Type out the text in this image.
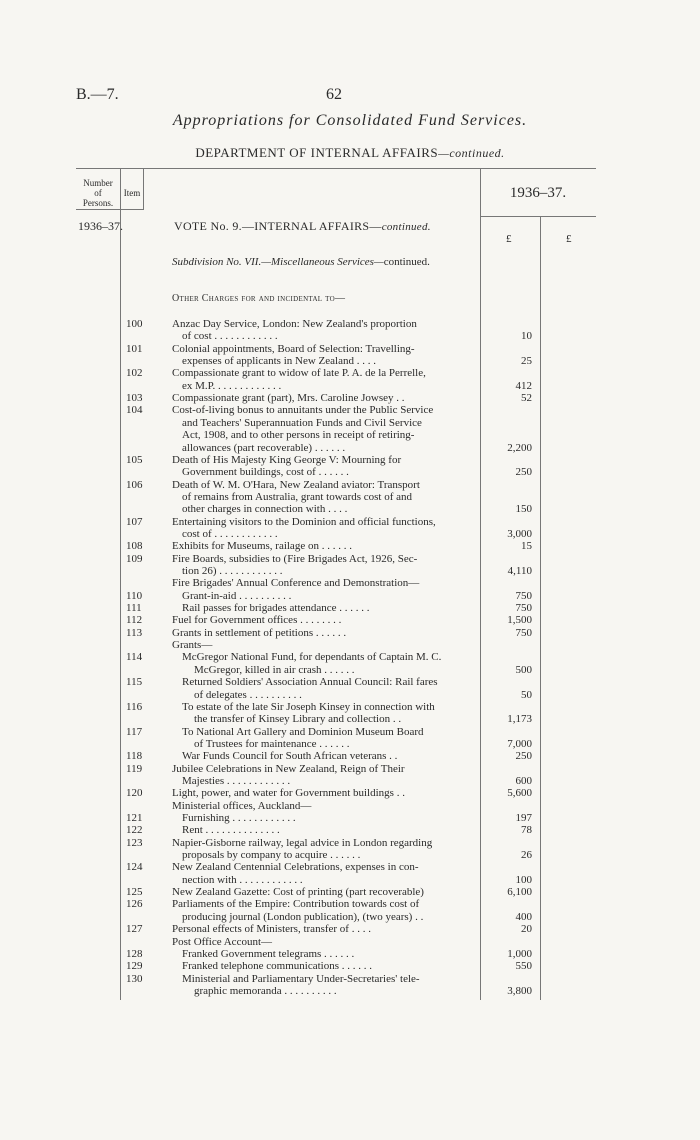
B.—7.	62
Appropriations for Consolidated Fund Services.
DEPARTMENT OF INTERNAL AFFAIRS—continued.
Number
of
Persons.
Item	1936–37.
1936–37.
£	£
VOTE No. 9.—INTERNAL AFFAIRS—continued.
Subdivision No. VII.—Miscellaneous Services—continued.
Other Charges for and incidental to—
100	Anzac Day Service, London: New Zealand's proportion
of cost . . . . . . . . . . . .	10
101	Colonial appointments, Board of Selection: Travelling-
expenses of applicants in New Zealand . . . .	25
102	Compassionate grant to widow of late P. A. de la Perrelle,
ex M.P. . . . . . . . . . . . .	412
103	Compassionate grant (part), Mrs. Caroline Jowsey . .	52
104	Cost-of-living bonus to annuitants under the Public Service
and Teachers' Superannuation Funds and Civil Service
Act, 1908, and to other persons in receipt of retiring-
allowances (part recoverable) . . . . . .	2,200
105	Death of His Majesty King George V: Mourning for
Government buildings, cost of . . . . . .	250
106	Death of W. M. O'Hara, New Zealand aviator: Transport
of remains from Australia, grant towards cost of and
other charges in connection with . . . .	150
107	Entertaining visitors to the Dominion and official functions,
cost of . . . . . . . . . . . .	3,000
108	Exhibits for Museums, railage on . . . . . .	15
109	Fire Boards, subsidies to (Fire Brigades Act, 1926, Sec-
tion 26) . . . . . . . . . . . .	4,110
Fire Brigades' Annual Conference and Demonstration—
110	Grant-in-aid . . . . . . . . . .	750
111	Rail passes for brigades attendance . . . . . .	750
112	Fuel for Government offices . . . . . . . .	1,500
113	Grants in settlement of petitions . . . . . .	750
Grants—
114	McGregor National Fund, for dependants of Captain M. C.
McGregor, killed in air crash . . . . . .	500
115	Returned Soldiers' Association Annual Council: Rail fares
of delegates . . . . . . . . . .	50
116	To estate of the late Sir Joseph Kinsey in connection with
the transfer of Kinsey Library and collection . .	1,173
117	To National Art Gallery and Dominion Museum Board
of Trustees for maintenance . . . . . .	7,000
118	War Funds Council for South African veterans . .	250
119	Jubilee Celebrations in New Zealand, Reign of Their
Majesties . . . . . . . . . . . .	600
120	Light, power, and water for Government buildings . .	5,600
Ministerial offices, Auckland—
121	Furnishing . . . . . . . . . . . .	197
122	Rent . . . . . . . . . . . . . .	78
123	Napier-Gisborne railway, legal advice in London regarding
proposals by company to acquire . . . . . .	26
124	New Zealand Centennial Celebrations, expenses in con-
nection with . . . . . . . . . . . .	100
125	New Zealand Gazette: Cost of printing (part recoverable)	6,100
126	Parliaments of the Empire: Contribution towards cost of
producing journal (London publication), (two years) . .	400
127	Personal effects of Ministers, transfer of . . . .	20
Post Office Account—
128	Franked Government telegrams . . . . . .	1,000
129	Franked telephone communications . . . . . .	550
130	Ministerial and Parliamentary Under-Secretaries' tele-
graphic memoranda . . . . . . . . . .	3,800
